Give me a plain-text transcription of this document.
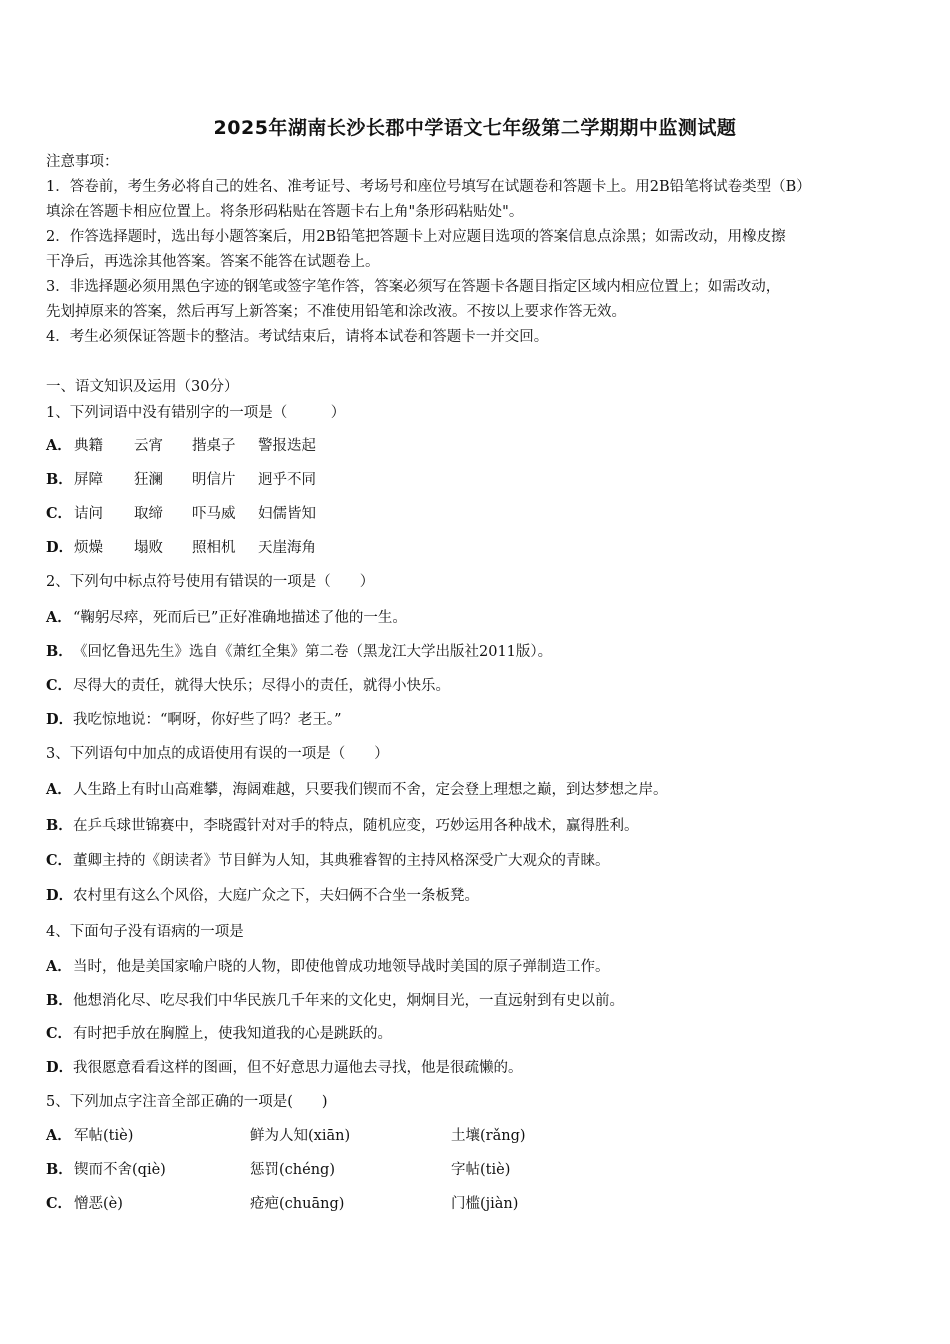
2025年湖南长沙长郡中学语文七年级第二学期期中监测试题

注意事项：

1．答卷前，考生务必将自己的姓名、准考证号、考场号和座位号填写在试题卷和答题卡上。用2B铅笔将试卷类型（B）

填涂在答题卡相应位置上。将条形码粘贴在答题卡右上角"条形码粘贴处"。

2．作答选择题时，选出每小题答案后，用2B铅笔把答题卡上对应题目选项的答案信息点涂黑；如需改动，用橡皮擦

干净后，再选涂其他答案。答案不能答在试题卷上。

3．非选择题必须用黑色字迹的钢笔或签字笔作答，答案必须写在答题卡各题目指定区域内相应位置上；如需改动，

先划掉原来的答案，然后再写上新答案；不准使用铅笔和涂改液。不按以上要求作答无效。

4．考生必须保证答题卡的整洁。考试结束后，请将本试卷和答题卡一并交回。

一、语文知识及运用（30分）
1、下列词语中没有错别字的一项是（　　　）
A． 典籍 云宵 揩桌子 警报迭起
B． 屏障 狂澜 明信片 迥乎不同
C． 诘问 取缔 吓马威 妇儒皆知
D． 烦燥 塌败 照相机 天崖海角
2、下列句中标点符号使用有错误的一项是（　　）
A．“鞠躬尽瘁，死而后已”正好准确地描述了他的一生。
B．《回忆鲁迅先生》选自《萧红全集》第二卷（黑龙江大学出版社2011版）。
C．尽得大的责任，就得大快乐；尽得小的责任，就得小快乐。
D．我吃惊地说：“啊呀，你好些了吗？老王。”
3、下列语句中加点的成语使用有误的一项是（　　）
A．人生路上有时山高难攀，海阔难越，只要我们锲而不舍，定会登上理想之巅，到达梦想之岸。
B．在乒乓球世锦赛中，李晓霞针对对手的特点，随机应变，巧妙运用各种战术，赢得胜利。
C．董卿主持的《朗读者》节目鲜为人知，其典雅睿智的主持风格深受广大观众的青睐。
D．农村里有这么个风俗，大庭广众之下，夫妇俩不合坐一条板凳。
4、下面句子没有语病的一项是
A．当时，他是美国家喻户晓的人物，即使他曾成功地领导战时美国的原子弹制造工作。
B．他想消化尽、吃尽我们中华民族几千年来的文化史，炯炯目光，一直远射到有史以前。
C．有时把手放在胸膛上，使我知道我的心是跳跃的。
D．我很愿意看看这样的图画，但不好意思力逼他去寻找，他是很疏懒的。
5、下列加点字注音全部正确的一项是(　　)
A． 军帖(tiè)	鲜为人知(xiān)	土壤(rǎng)
B． 锲而不舍(qiè)	惩罚(chéng)	字帖(tiè)
C． 憎恶(è)	疮疤(chuāng)	门槛(jiàn)
